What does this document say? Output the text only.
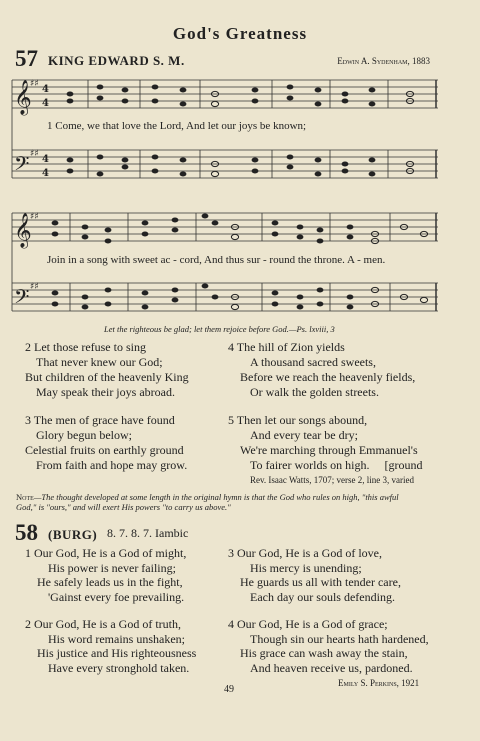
God's Greatness
57 KING EDWARD S. M.	Edwin A. Sydenham, 1883
𝄞
𝄢
♯♯
♯♯
4
4
4
4
1 Come, we that love the Lord, And let our joys be known;
𝄞
𝄢
♯♯
♯♯
Join in a song with sweet ac - cord, And thus sur - round the throne. A - men.
Let the righteous be glad; let them rejoice before God.—Ps. lxviii, 3
2 Let those refuse to sing
That never knew our God;
But children of the heavenly King
May speak their joys abroad.
3 The men of grace have found
Glory begun below;
Celestial fruits on earthly ground
From faith and hope may grow.
4 The hill of Zion yields
A thousand sacred sweets,
Before we reach the heavenly fields,
Or walk the golden streets.
5 Then let our songs abound,
And every tear be dry;
We're marching through Emmanuel's
To fairer worlds on high. [ground
Rev. Isaac Watts, 1707; verse 2, line 3, varied
Note—The thought developed at some length in the original hymn is that the God who rules on high, "this awful
God," is "ours," and will exert His powers "to carry us above."
58 (BURG) 8. 7. 8. 7. Iambic
1 Our God, He is a God of might,
His power is never failing;
He safely leads us in the fight,
'Gainst every foe prevailing.
2 Our God, He is a God of truth,
His word remains unshaken;
His justice and His righteousness
Have every stronghold taken.
3 Our God, He is a God of love,
His mercy is unending;
He guards us all with tender care,
Each day our souls defending.
4 Our God, He is a God of grace;
Though sin our hearts hath hardened,
His grace can wash away the stain,
And heaven receive us, pardoned.
Emily S. Perkins, 1921
49
